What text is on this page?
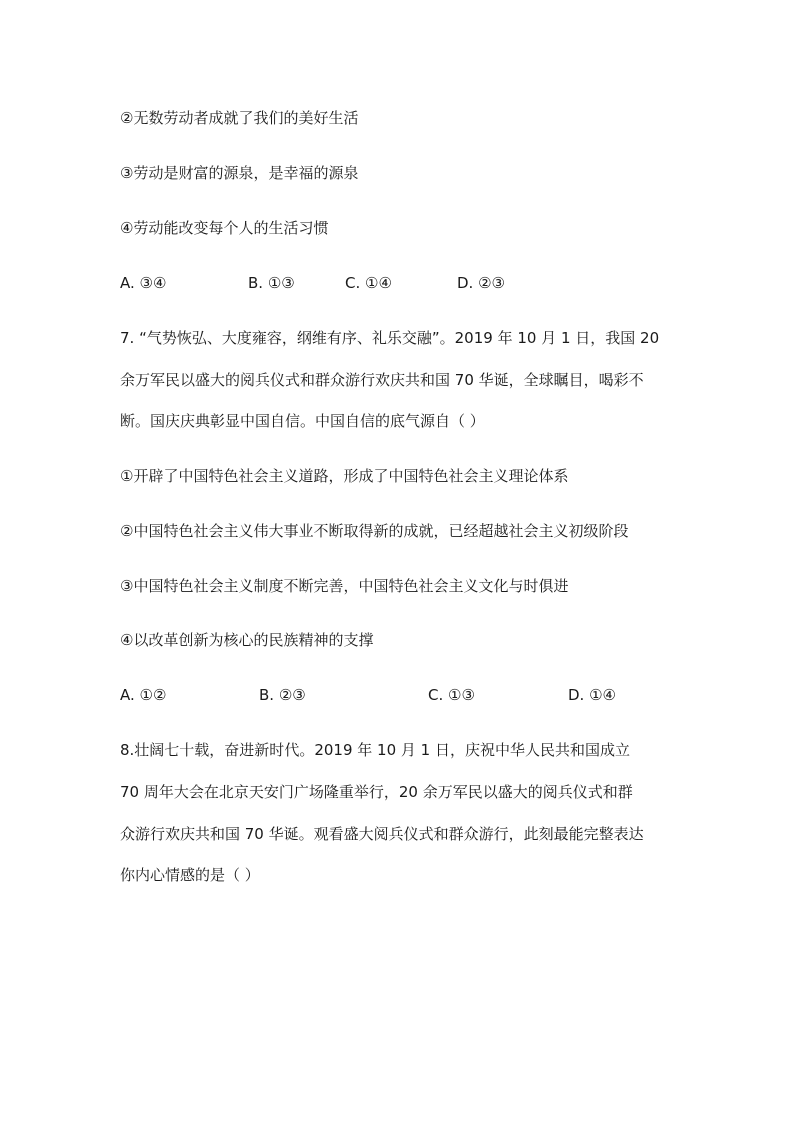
②无数劳动者成就了我们的美好生活
③劳动是财富的源泉，是幸福的源泉
④劳动能改变每个人的生活习惯
A. ③④	B. ①③	C. ①④	D. ②③
7. “气势恢弘、大度雍容，纲维有序、礼乐交融”。2019 年 10 月 1 日，我国 20
余万军民以盛大的阅兵仪式和群众游行欢庆共和国 70 华诞，全球瞩目，喝彩不
断。国庆庆典彰显中国自信。中国自信的底气源自（ ）
①开辟了中国特色社会主义道路，形成了中国特色社会主义理论体系
②中国特色社会主义伟大事业不断取得新的成就，已经超越社会主义初级阶段
③中国特色社会主义制度不断完善，中国特色社会主义文化与时俱进
④以改革创新为核心的民族精神的支撑
A. ①②	B. ②③	C. ①③	D. ①④
8.壮阔七十载，奋进新时代。2019 年 10 月 1 日，庆祝中华人民共和国成立
70 周年大会在北京天安门广场隆重举行，20 余万军民以盛大的阅兵仪式和群
众游行欢庆共和国 70 华诞。观看盛大阅兵仪式和群众游行，此刻最能完整表达
你内心情感的是（ ）
